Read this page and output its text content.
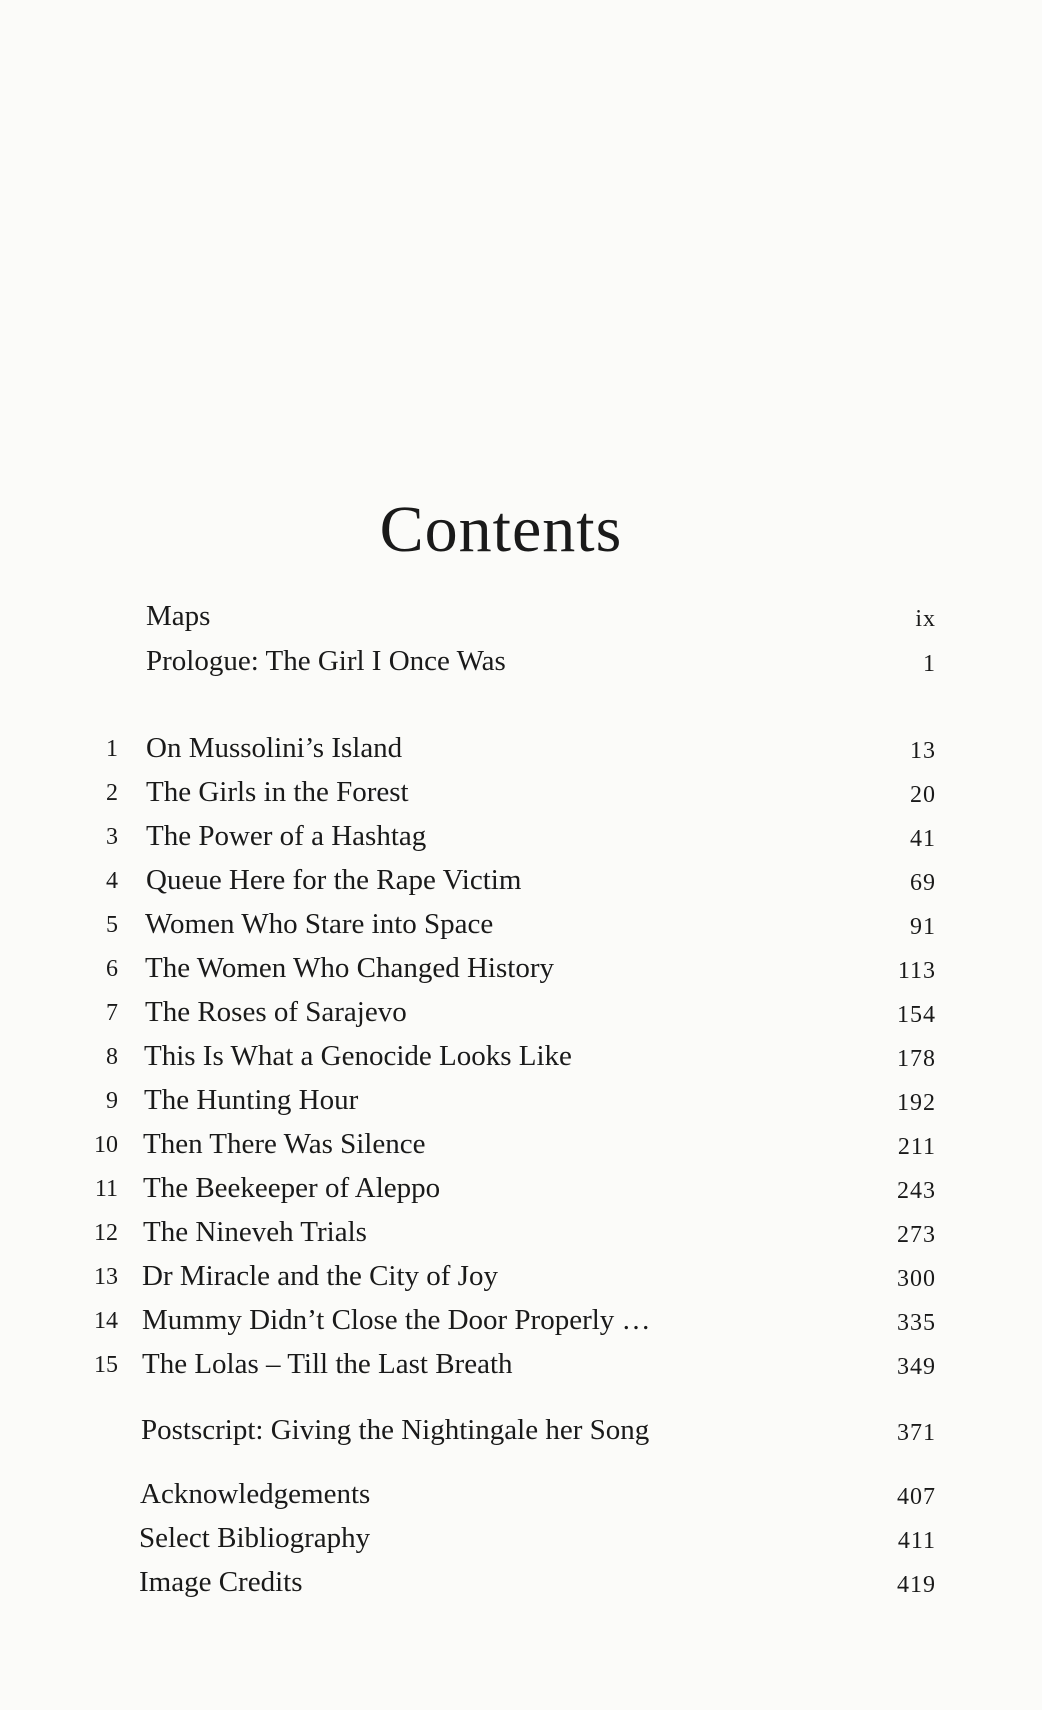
Contents
Maps	ix
Prologue: The Girl I Once Was	1
1 On Mussolini’s Island	13
2 The Girls in the Forest	20
3 The Power of a Hashtag	41
4 Queue Here for the Rape Victim	69
5 Women Who Stare into Space	91
6 The Women Who Changed History	113
7 The Roses of Sarajevo	154
8 This Is What a Genocide Looks Like	178
9 The Hunting Hour	192
10 Then There Was Silence	211
11 The Beekeeper of Aleppo	243
12 The Nineveh Trials	273
13 Dr Miracle and the City of Joy	300
14 Mummy Didn’t Close the Door Properly …	335
15 The Lolas – Till the Last Breath	349
Postscript: Giving the Nightingale her Song	371
Acknowledgements	407
Select Bibliography	411
Image Credits	419
